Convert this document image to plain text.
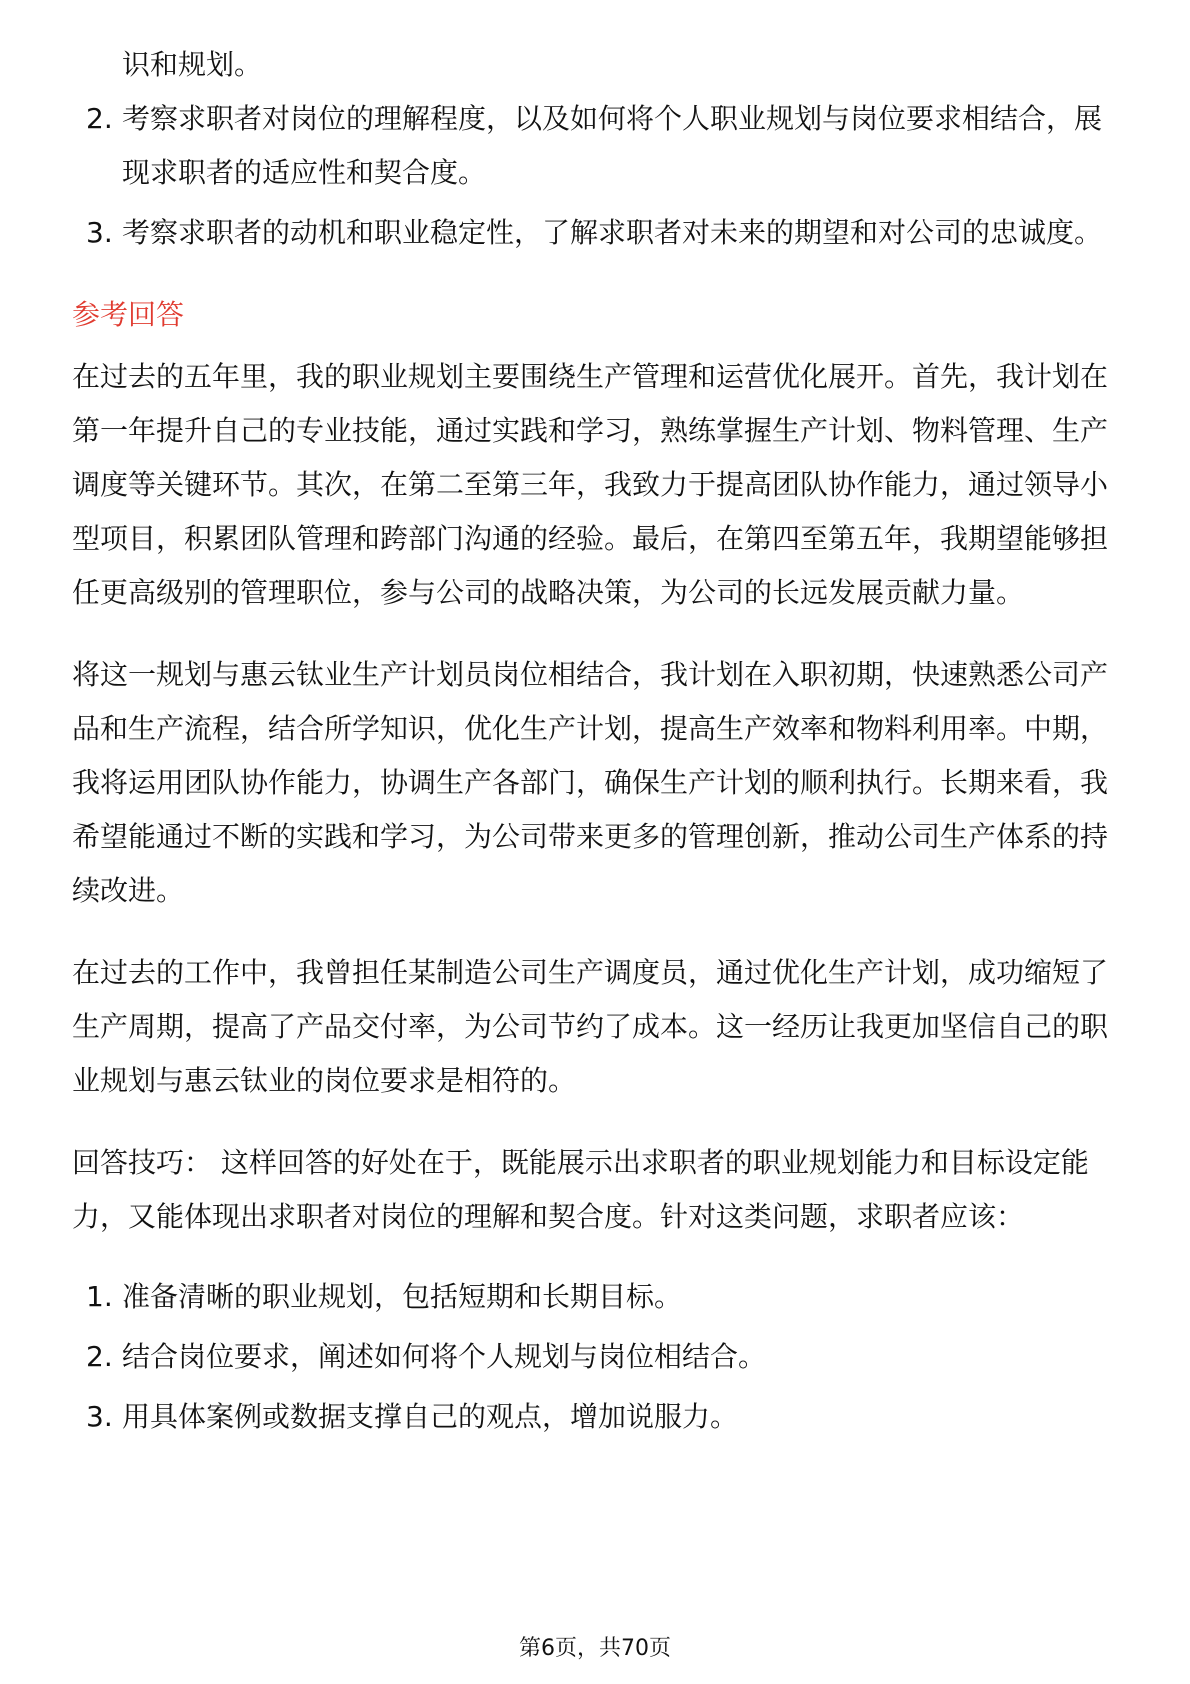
识和规划。
2. 考察求职者对岗位的理解程度，以及如何将个人职业规划与岗位要求相结合，展现求职者的适应性和契合度。
3. 考察求职者的动机和职业稳定性，了解求职者对未来的期望和对公司的忠诚度。
参考回答

在过去的五年里，我的职业规划主要围绕生产管理和运营优化展开。首先，我计划在第一年提升自己的专业技能，通过实践和学习，熟练掌握生产计划、物料管理、生产调度等关键环节。其次，在第二至第三年，我致力于提高团队协作能力，通过领导小型项目，积累团队管理和跨部门沟通的经验。最后，在第四至第五年，我期望能够担任更高级别的管理职位，参与公司的战略决策，为公司的长远发展贡献力量。

将这一规划与惠云钛业生产计划员岗位相结合，我计划在入职初期，快速熟悉公司产品和生产流程，结合所学知识，优化生产计划，提高生产效率和物料利用率。中期，我将运用团队协作能力，协调生产各部门，确保生产计划的顺利执行。长期来看，我希望能通过不断的实践和学习，为公司带来更多的管理创新，推动公司生产体系的持续改进。

在过去的工作中，我曾担任某制造公司生产调度员，通过优化生产计划，成功缩短了生产周期，提高了产品交付率，为公司节约了成本。这一经历让我更加坚信自己的职业规划与惠云钛业的岗位要求是相符的。

回答技巧： 这样回答的好处在于，既能展示出求职者的职业规划能力和目标设定能力，又能体现出求职者对岗位的理解和契合度。针对这类问题，求职者应该：
1. 准备清晰的职业规划，包括短期和长期目标。
2. 结合岗位要求，阐述如何将个人规划与岗位相结合。
3. 用具体案例或数据支撑自己的观点，增加说服力。
第6页，共70页
